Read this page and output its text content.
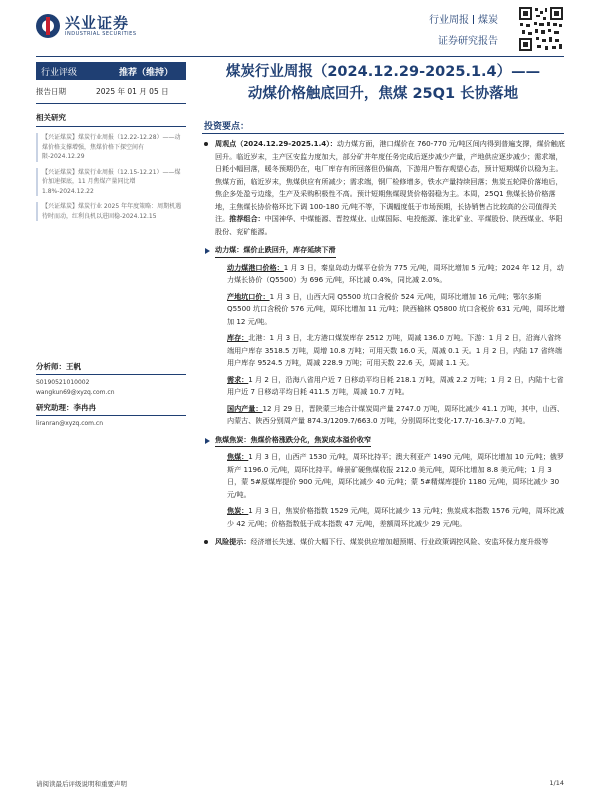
兴业证券
INDUSTRIAL SECURITIES
行业周报 煤炭
证券研究报告
行业评级	推荐（维持）
报告日期	2025 年 01 月 05 日
相关研究
【兴证煤炭】煤炭行业周报（12.22-12.28）——动煤价格支撑增强，焦煤价格下探空间有限-2024.12.29
【兴证煤炭】煤炭行业周报（12.15-12.21）——煤价加速探底，11 月焦煤产量同比增 1.8%-2024.12.22
【兴证煤炭】煤炭行业 2025 年年度策略：周期机遇待时而动，红利良机以进固稳-2024.12.15
分析师：王帆
S0190521010002
wangkun69@xyzq.com.cn
研究助理：李冉冉
liranran@xyzq.com.cn
煤炭行业周报（2024.12.29-2025.1.4）——
动煤价格触底回升，焦煤 25Q1 长协落地
投资要点：
周观点（2024.12.29-2025.1.4）：动力煤方面，港口煤价在 760-770 元/吨区间内得到普遍支撑，煤价触底回升。临近岁末，主产区安监力度加大，部分矿井年度任务完成后逐步减少产量，产地供应逐步减少；需求端，日耗小幅回落，暖冬预期仍在，电厂库存有所回落但仍偏高，下游用户暂存观望心态，预计短期煤价以稳为主。焦煤方面，临近岁末，焦煤供应有所减少；需求端，钢厂检修增多，铁水产量持续回落；焦炭五轮降价落地后，焦企多处盈亏边缘，生产及采购积极性不高。预计短期焦煤现货价格弱稳为主。本周，25Q1 焦煤长协价格落地，主焦煤长协价格环比下调 100-180 元/吨不等，下调幅度低于市场预期，长协销售占比较高的公司值得关注。推荐组合：中国神华、中煤能源、晋控煤业、山煤国际、电投能源、淮北矿业、平煤股份、陕西煤业、华阳股份、兖矿能源。
动力煤：煤价止跌回升，库存延续下滑
动力煤港口价格：1 月 3 日，秦皇岛动力煤平仓价为 775 元/吨，周环比增加 5 元/吨；2024 年 12 月，动力煤长协价（Q5500）为 696 元/吨，环比减 0.4%，同比减 2.0%。
产地坑口价：1 月 3 日，山西大同 Q5500 坑口含税价 524 元/吨，周环比增加 16 元/吨；鄂尔多斯 Q5500 坑口含税价 576 元/吨，周环比增加 11 元/吨；陕西榆林 Q5800 坑口含税价 631 元/吨，周环比增加 12 元/吨。
库存：北港：1 月 3 日，北方港口煤炭库存 2512 万吨，周减 136.0 万吨。下游：1 月 2 日，沿海八省终端用户库存 3518.5 万吨，周增 10.8 万吨；可用天数 16.0 天，周减 0.1 天。1 月 2 日，内陆 17 省终端用户库存 9524.5 万吨，周减 228.9 万吨；可用天数 22.6 天，周减 1.1 天。
需求：1 月 2 日，沿海八省用户近 7 日移动平均日耗 218.1 万吨，周减 2.2 万吨；1 月 2 日，内陆十七省用户近 7 日移动平均日耗 411.5 万吨，周减 10.7 万吨。
国内产量：12 月 29 日，晋陕蒙三地合计煤炭周产量 2747.0 万吨，周环比减少 41.1 万吨，其中，山西、内蒙古、陕西分别周产量 874.3/1209.7/663.0 万吨，分别周环比变化-17.7/-16.3/-7.0 万吨。
焦煤焦炭：焦煤价格涨跌分化，焦炭成本溢价收窄
焦煤：1 月 3 日，山西产 1530 元/吨，周环比持平；澳大利亚产 1490 元/吨，周环比增加 10 元/吨；俄罗斯产 1196.0 元/吨，周环比持平。峰景矿硬焦煤收报 212.0 美元/吨，周环比增加 8.8 美元/吨；1 月 3 日，蒙 5#原煤库提价 900 元/吨，周环比减少 40 元/吨；蒙 5#精煤库提价 1180 元/吨，周环比减少 30 元/吨。
焦炭：1 月 3 日，焦炭价格指数 1529 元/吨，周环比减少 13 元/吨；焦炭成本指数 1576 元/吨，周环比减少 42 元/吨；价格指数低于成本指数 47 元/吨，差额周环比减少 29 元/吨。
风险提示：经济增长失速、煤价大幅下行、煤炭供应增加超预期、行业政策调控风险、安监环保力度升级等
请阅读最后评级说明和重要声明	1/14
